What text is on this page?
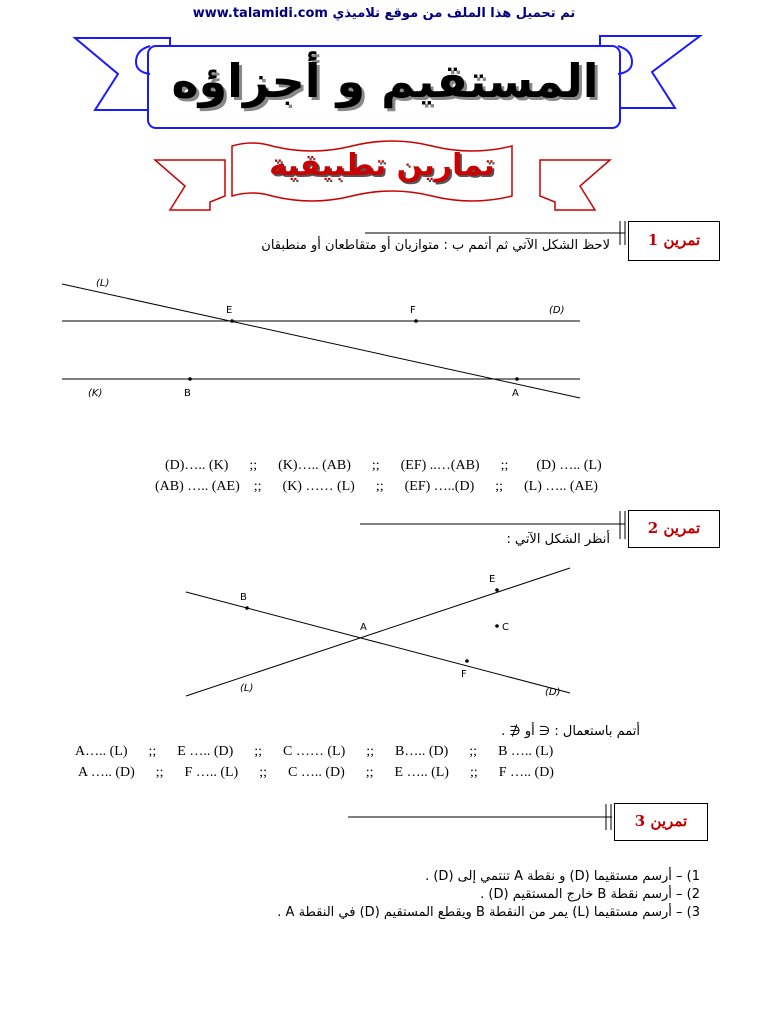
تم تحميل هذا الملف من موقع تلاميذي www.talamidi.com
المستقيم و أجزاؤه
تمارين تطبيقية
تمرين 1
لاحظ الشكل الآتي ثم أتمم ب : متوازيان أو متقاطعان أو منطبقان
(L)
(D)
(K)
E	F
B	A
(D)….. (K)      ;;      (K)….. (AB)      ;;      (EF) ..…(AB)      ;;        (D) ….. (L)
(AB) ….. (AE)    ;;      (K) …… (L)      ;;      (EF) …..(D)      ;;      (L) ….. (AE)
تمرين 2
أنظر الشكل الآتي :
B
E
A	C
F
(L)	(D)
أتمم باستعمال : ∈ أو ∉ .
A….. (L)      ;;      E ….. (D)      ;;      C …… (L)      ;;      B….. (D)      ;;      B ….. (L)
A ….. (D)      ;;      F ….. (L)      ;;      C ….. (D)      ;;      E ….. (L)      ;;      F ….. (D)
تمرين 3
1) – أرسم مستقيما (D) و نقطة A تنتمي إلى (D) .
2) – أرسم نقطة B خارج المستقيم (D) .
3) – أرسم مستقيما (L) يمر من النقطة B ويقطع المستقيم (D) في النقطة A .
